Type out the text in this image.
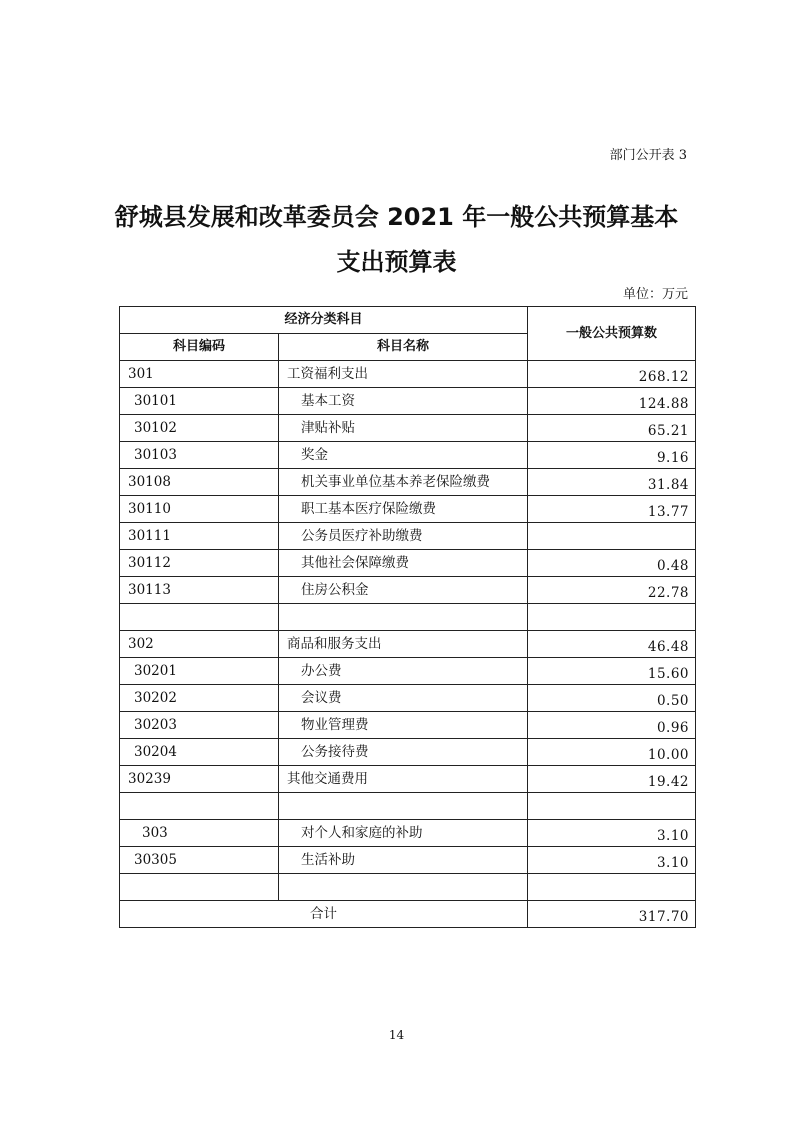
部门公开表 3
舒城县发展和改革委员会 2021 年一般公共预算基本
支出预算表
单位：万元
经济分类科目		一般公共预算数
科目编码	科目名称	
301	工资福利支出	268.12
30101	基本工资	124.88
30102	津贴补贴	65.21
30103	奖金	9.16
30108	机关事业单位基本养老保险缴费	31.84
30110	职工基本医疗保险缴费	13.77
30111	公务员医疗补助缴费	
30112	其他社会保障缴费	0.48
30113	住房公积金	22.78

302	商品和服务支出	46.48
30201	办公费	15.60
30202	会议费	0.50
30203	物业管理费	0.96
30204	公务接待费	10.00
30239	其他交通费用	19.42

303	对个人和家庭的补助	3.10
30305	生活补助	3.10

合计		317.70
14
